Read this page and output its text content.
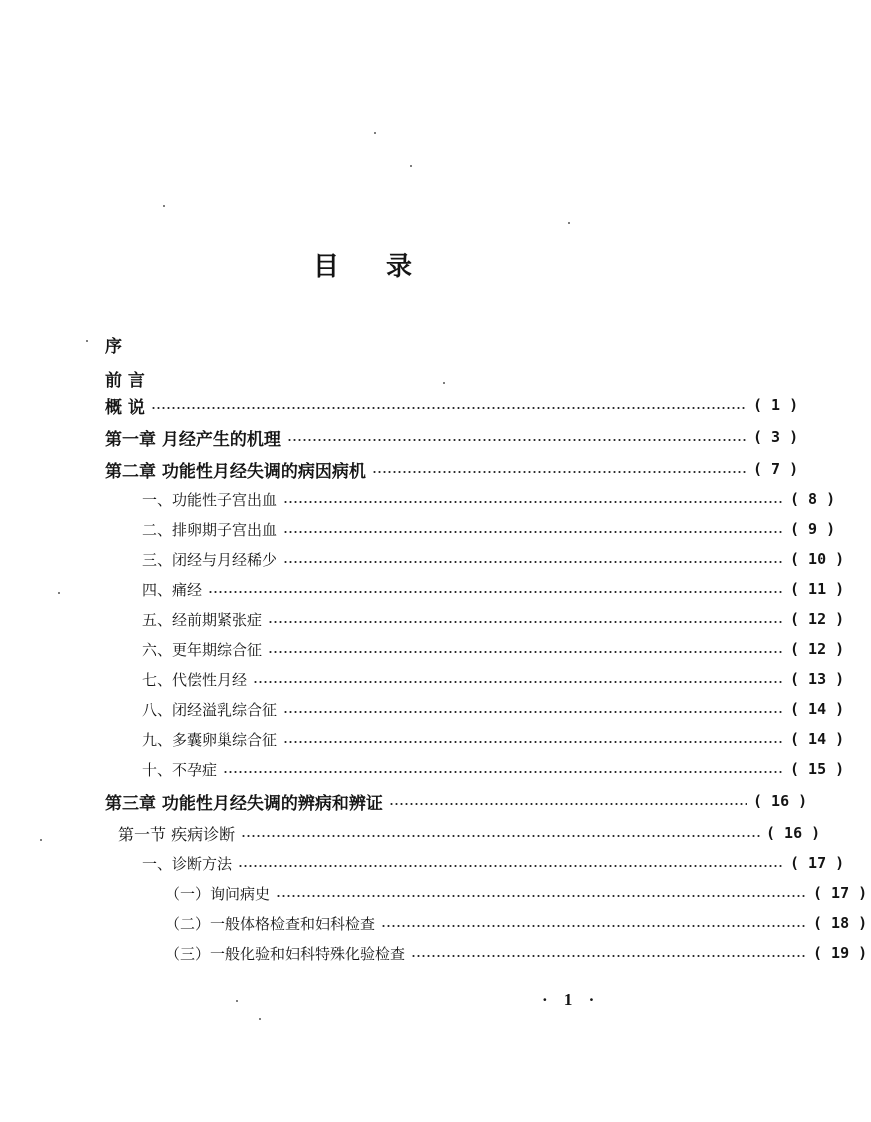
目 录
序
前 言
概 说	( 1 )
第一章 月经产生的机理	( 3 )
第二章 功能性月经失调的病因病机	( 7 )
一、功能性子宫出血	( 8 )
二、排卵期子宫出血	( 9 )
三、闭经与月经稀少	( 10 )
四、痛经	( 11 )
五、经前期紧张症	( 12 )
六、更年期综合征	( 12 )
七、代偿性月经	( 13 )
八、闭经溢乳综合征	( 14 )
九、多囊卵巢综合征	( 14 )
十、不孕症	( 15 )
第三章 功能性月经失调的辨病和辨证	( 16 )
第一节 疾病诊断	( 16 )
一、诊断方法	( 17 )
（一）询问病史	( 17 )
（二）一般体格检查和妇科检查	( 18 )
（三）一般化验和妇科特殊化验检查	( 19 )
· 1 ·
